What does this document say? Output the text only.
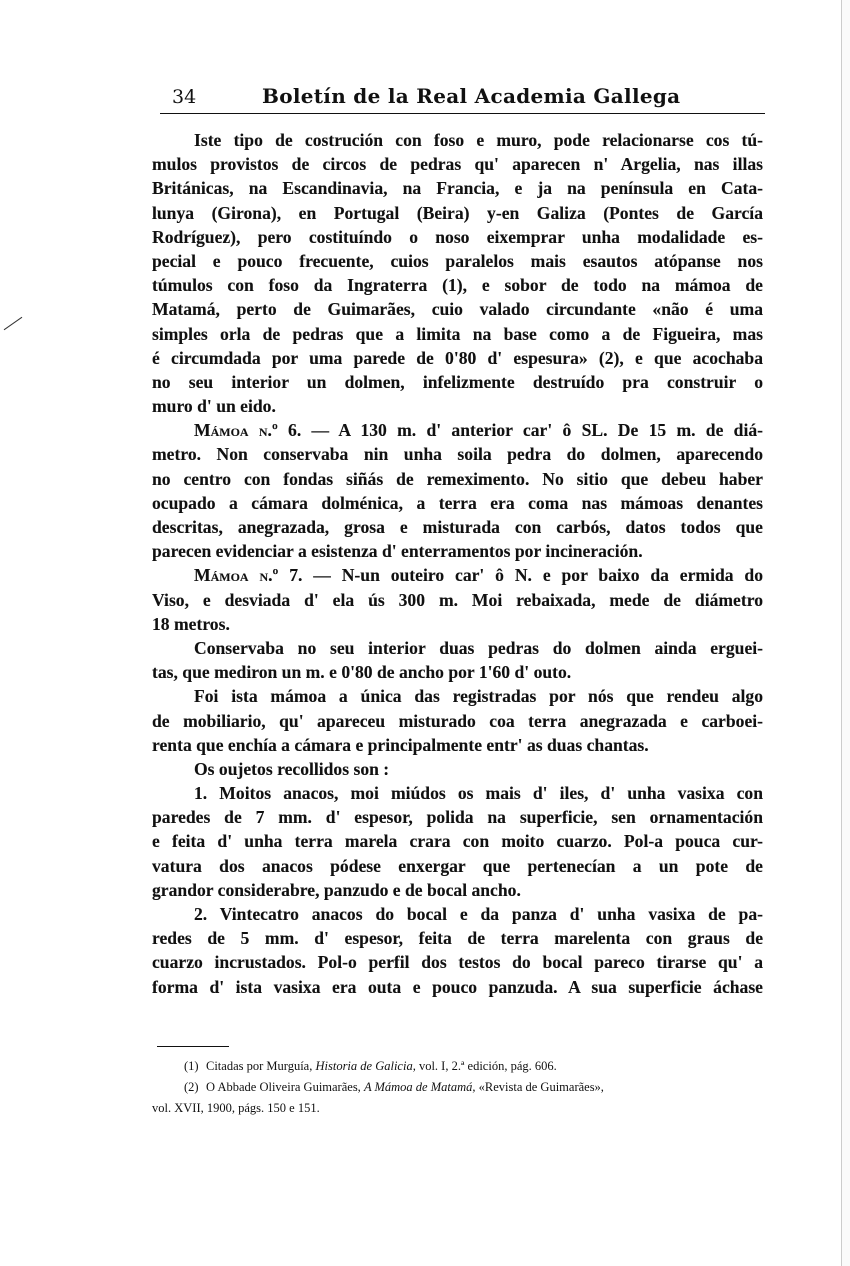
34	Boletín de la Real Academia Gallega
Iste tipo de costrución con foso e muro, pode relacionarse cos tú-
mulos provistos de circos de pedras qu' aparecen n' Argelia, nas illas
Británicas, na Escandinavia, na Francia, e ja na península en Cata-
lunya (Girona), en Portugal (Beira) y-en Galiza (Pontes de García
Rodríguez), pero costituíndo o noso eixemprar unha modalidade es-
pecial e pouco frecuente, cuios paralelos mais esautos atópanse nos
túmulos con foso da Ingraterra (1), e sobor de todo na mámoa de
Matamá, perto de Guimarães, cuio valado circundante «não é uma
simples orla de pedras que a limita na base como a de Figueira, mas
é circumdada por uma parede de 0'80 d' espesura» (2), e que acochaba
no seu interior un dolmen, infelizmente destruído pra construir o
muro d' un eido.
Mámoa n.º 6. — A 130 m. d' anterior car' ô SL. De 15 m. de diá-
metro. Non conservaba nin unha soila pedra do dolmen, aparecendo
no centro con fondas siñás de remeximento. No sitio que debeu haber
ocupado a cámara dolménica, a terra era coma nas mámoas denantes
descritas, anegrazada, grosa e misturada con carbós, datos todos que
parecen evidenciar a esistenza d' enterramentos por incineración.
Mámoa n.º 7. — N-un outeiro car' ô N. e por baixo da ermida do
Viso, e desviada d' ela ús 300 m. Moi rebaixada, mede de diámetro
18 metros.
Conservaba no seu interior duas pedras do dolmen ainda erguei-
tas, que mediron un m. e 0'80 de ancho por 1'60 d' outo.
Foi ista mámoa a única das registradas por nós que rendeu algo
de mobiliario, qu' apareceu misturado coa terra anegrazada e carboei-
renta que enchía a cámara e principalmente entr' as duas chantas.
Os oujetos recollidos son :
1. Moitos anacos, moi miúdos os mais d' iles, d' unha vasixa con
paredes de 7 mm. d' espesor, polida na superficie, sen ornamentación
e feita d' unha terra marela crara con moito cuarzo. Pol-a pouca cur-
vatura dos anacos pódese enxergar que pertenecían a un pote de
grandor considerabre, panzudo e de bocal ancho.
2. Vintecatro anacos do bocal e da panza d' unha vasixa de pa-
redes de 5 mm. d' espesor, feita de terra marelenta con graus de
cuarzo incrustados. Pol-o perfil dos testos do bocal pareco tirarse qu' a
forma d' ista vasixa era outa e pouco panzuda. A sua superficie áchase
(1) Citadas por Murguía, Historia de Galicia, vol. I, 2.ª edición, pág. 606.
(2) O Abbade Oliveira Guimarães, A Mámoa de Matamá, «Revista de Guimarães»,
vol. XVII, 1900, págs. 150 e 151.
